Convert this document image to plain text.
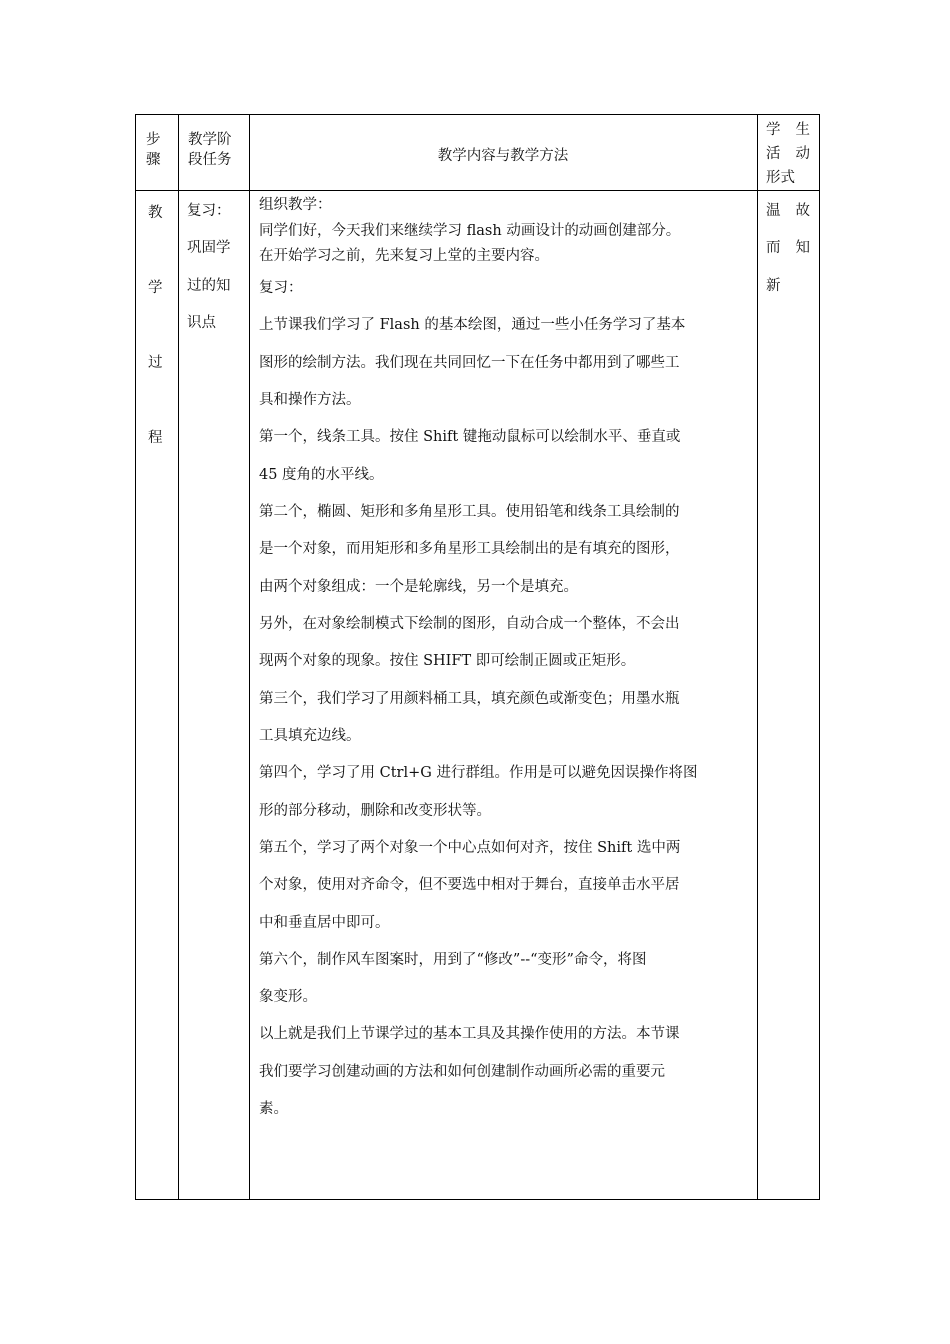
步
骤
教学阶
段任务	教学内容与教学方法
学 生
活 动
形式
教
学
过
程
复习：
巩固学
过的知
识点
温 故
而 知
新
组织教学：
同学们好，今天我们来继续学习 flash 动画设计的动画创建部分。
在开始学习之前，先来复习上堂的主要内容。
复习：
上节课我们学习了 Flash 的基本绘图，通过一些小任务学习了基本
图形的绘制方法。我们现在共同回忆一下在任务中都用到了哪些工
具和操作方法。
第一个，线条工具。按住 Shift 键拖动鼠标可以绘制水平、垂直或
45 度角的水平线。
第二个，椭圆、矩形和多角星形工具。使用铅笔和线条工具绘制的
是一个对象，而用矩形和多角星形工具绘制出的是有填充的图形，
由两个对象组成：一个是轮廓线，另一个是填充。
另外，在对象绘制模式下绘制的图形，自动合成一个整体，不会出
现两个对象的现象。按住 SHIFT 即可绘制正圆或正矩形。
第三个，我们学习了用颜料桶工具，填充颜色或渐变色；用墨水瓶
工具填充边线。
第四个，学习了用 Ctrl+G 进行群组。作用是可以避免因误操作将图
形的部分移动，删除和改变形状等。
第五个，学习了两个对象一个中心点如何对齐，按住 Shift 选中两
个对象，使用对齐命令，但不要选中相对于舞台，直接单击水平居
中和垂直居中即可。
第六个，制作风车图案时，用到了“修改”--“变形”命令，将图
象变形。
以上就是我们上节课学过的基本工具及其操作使用的方法。本节课
我们要学习创建动画的方法和如何创建制作动画所必需的重要元
素。
